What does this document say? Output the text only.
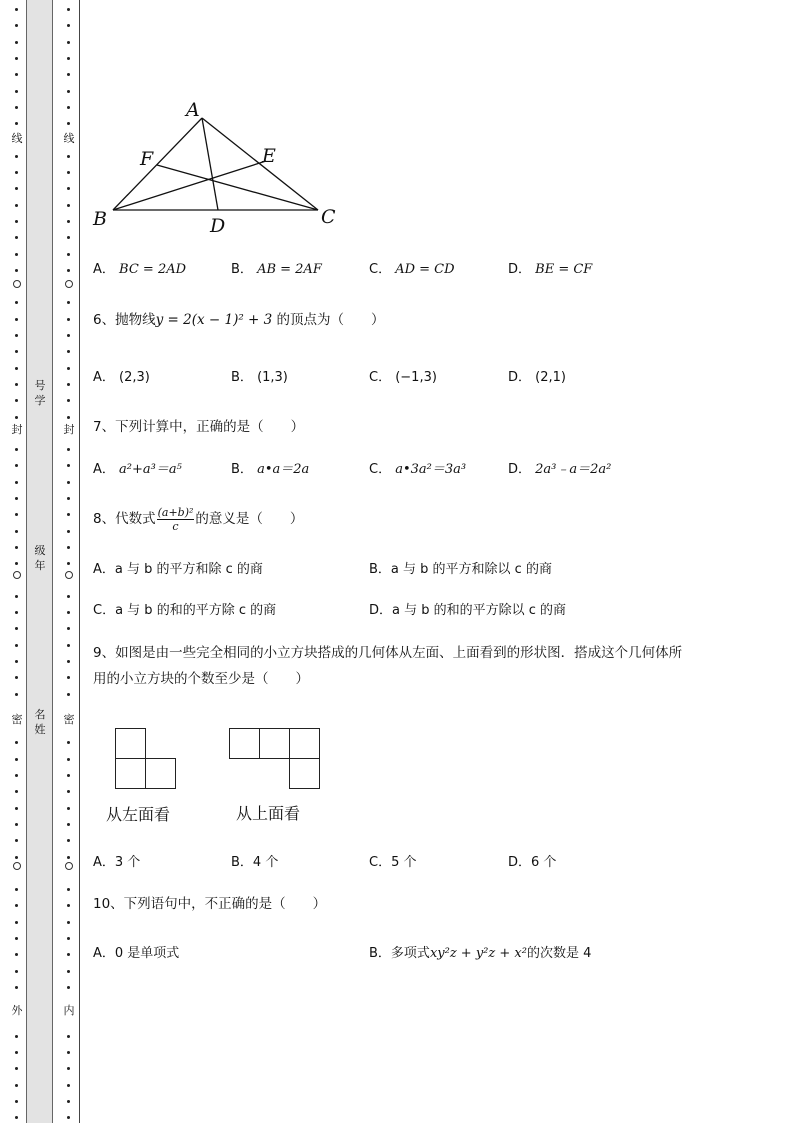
线
封
密
外
线
封
密
内
号学
级年
名姓
A
B	C
D
E
F
A． BC = 2AD	B． AB = 2AF	C． AD = CD	D． BE = CF
6、抛物线y = 2(x − 1)² + 3 的顶点为（　　）
A． (2,3)	B． (1,3)	C． (−1,3)	D． (2,1)
7、下列计算中，正确的是（　　）
A． a²+a³＝a⁵	B． a•a＝2a	C． a•3a²＝3a³	D． 2a³﹣a＝2a²
8、代数式 $\frac{\text{(a+b)²}}{c}$ 的意义是（　　）
A．a 与 b 的平方和除 c 的商	B．a 与 b 的平方和除以 c 的商
C．a 与 b 的和的平方除 c 的商	D．a 与 b 的和的平方除以 c 的商
9、如图是由一些完全相同的小立方块搭成的几何体从左面、上面看到的形状图．搭成这个几何体所
用的小立方块的个数至少是（　　）
从左面看	从上面看
A．3 个	B．4 个	C．5 个	D．6 个
10、下列语句中，不正确的是（　　）
A．0 是单项式	B．多项式xy²z + y²z + x²的次数是 4
